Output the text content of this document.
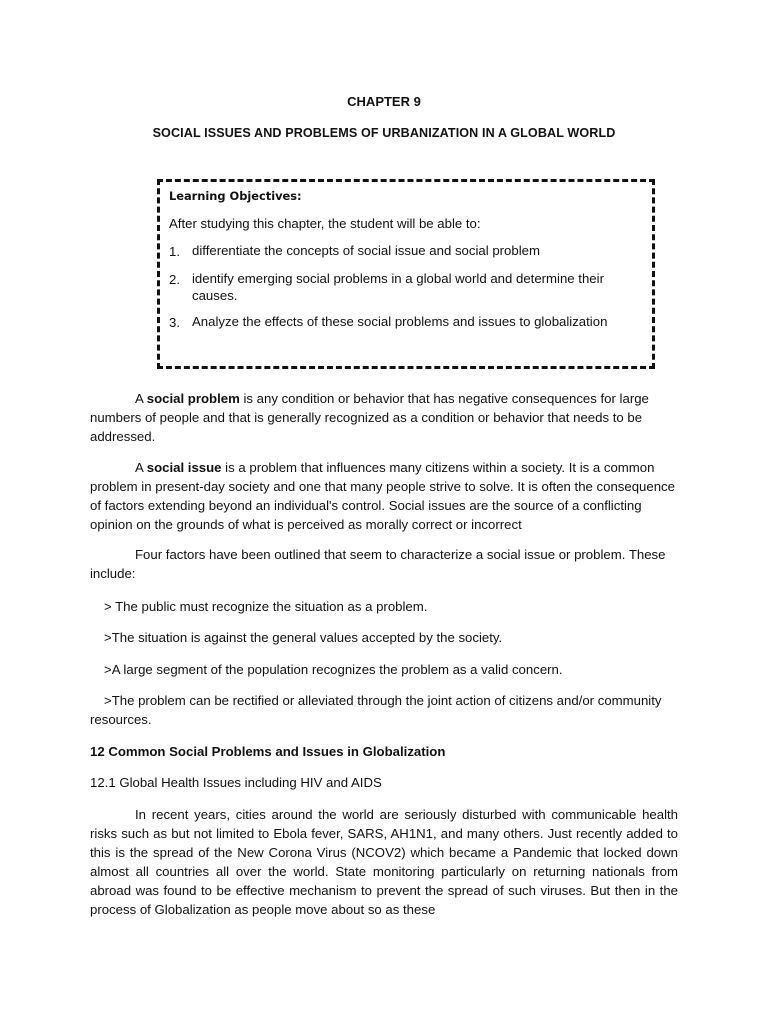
CHAPTER 9
SOCIAL ISSUES AND PROBLEMS OF URBANIZATION IN A GLOBAL WORLD
Learning Objectives:
After studying this chapter, the student will be able to:
1. differentiate the concepts of social issue and social problem
2. identify emerging social problems in a global world and determine their causes.
3. Analyze the effects of these social problems and issues to globalization

A social problem is any condition or behavior that has negative consequences for large numbers of people and that is generally recognized as a condition or behavior that needs to be addressed.

A social issue is a problem that influences many citizens within a society. It is a common problem in present-day society and one that many people strive to solve. It is often the consequence of factors extending beyond an individual's control. Social issues are the source of a conflicting opinion on the grounds of what is perceived as morally correct or incorrect

Four factors have been outlined that seem to characterize a social issue or problem. These include:

> The public must recognize the situation as a problem.
>The situation is against the general values accepted by the society.
>A large segment of the population recognizes the problem as a valid concern.
>The problem can be rectified or alleviated through the joint action of citizens and/or community resources.
12 Common Social Problems and Issues in Globalization
12.1 Global Health Issues including HIV and AIDS

In recent years, cities around the world are seriously disturbed with communicable health risks such as but not limited to Ebola fever, SARS, AH1N1, and many others. Just recently added to this is the spread of the New Corona Virus (NCOV2) which became a Pandemic that locked down almost all countries all over the world. State monitoring particularly on returning nationals from abroad was found to be effective mechanism to prevent the spread of such viruses. But then in the process of Globalization as people move about so as these
